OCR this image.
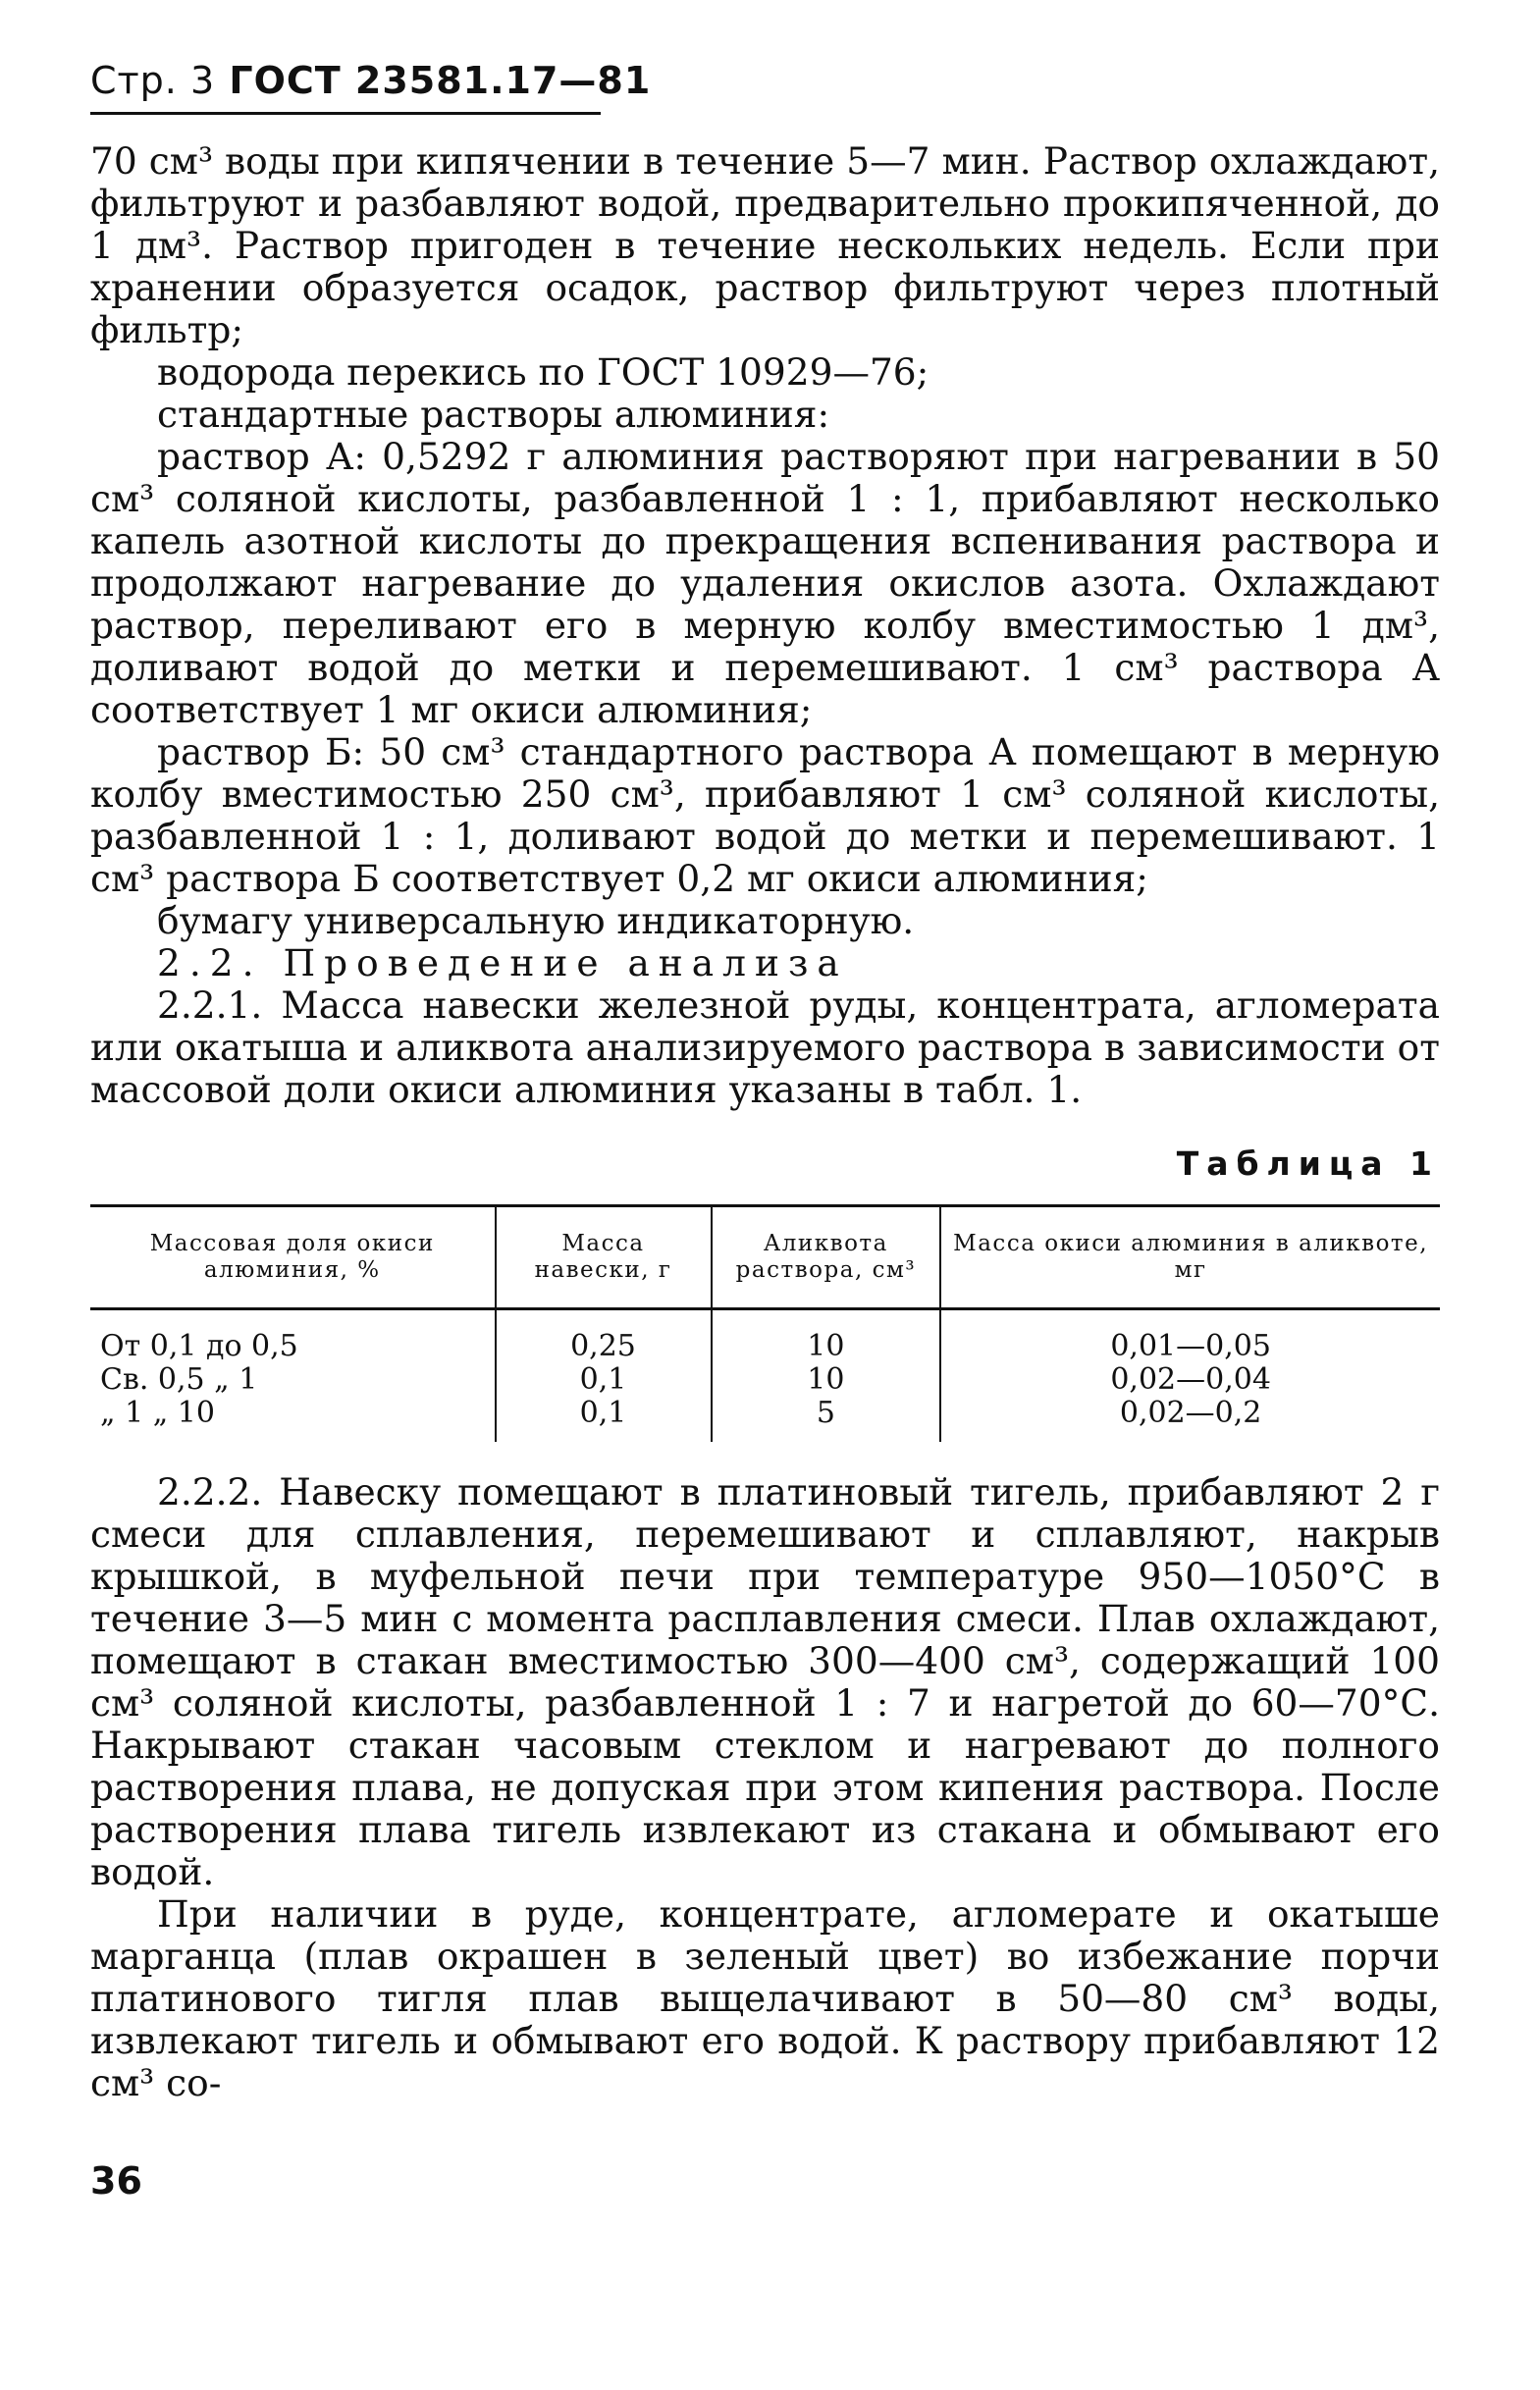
Стр. 3 ГОСТ 23581.17—81

70 см³ воды при кипячении в течение 5—7 мин. Раствор охлаждают, фильтруют и разбавляют водой, предварительно прокипяченной, до 1 дм³. Раствор пригоден в течение нескольких недель. Если при хранении образуется осадок, раствор фильтруют через плотный фильтр;

водорода перекись по ГОСТ 10929—76;

стандартные растворы алюминия:

раствор А: 0,5292 г алюминия растворяют при нагревании в 50 см³ соляной кислоты, разбавленной 1 : 1, прибавляют несколько капель азотной кислоты до прекращения вспенивания раствора и продолжают нагревание до удаления окислов азота. Охлаждают раствор, переливают его в мерную колбу вместимостью 1 дм³, доливают водой до метки и перемешивают. 1 см³ раствора А соответствует 1 мг окиси алюминия;

раствор Б: 50 см³ стандартного раствора А помещают в мерную колбу вместимостью 250 см³, прибавляют 1 см³ соляной кислоты, разбавленной 1 : 1, доливают водой до метки и перемешивают. 1 см³ раствора Б соответствует 0,2 мг окиси алюминия;

бумагу универсальную индикаторную.

2.2. Проведение анализа

2.2.1. Масса навески железной руды, концентрата, агломерата или окатыша и аликвота анализируемого раствора в зависимости от массовой доли окиси алюминия указаны в табл. 1.

Таблица 1
Массовая доля окиси алюминия, %	Масса навески, г	Аликвота раствора, см³	Масса окиси алюминия в аликвоте, мг
От 0,1 до 0,5	0,25	10	0,01—0,05
Св. 0,5 „ 1	0,1	10	0,02—0,04
„ 1 „ 10	0,1	5	0,02—0,2

2.2.2. Навеску помещают в платиновый тигель, прибавляют 2 г смеси для сплавления, перемешивают и сплавляют, накрыв крышкой, в муфельной печи при температуре 950—1050°С в течение 3—5 мин с момента расплавления смеси. Плав охлаждают, помещают в стакан вместимостью 300—400 см³, содержащий 100 см³ соляной кислоты, разбавленной 1 : 7 и нагретой до 60—70°С. Накрывают стакан часовым стеклом и нагревают до полного растворения плава, не допуская при этом кипения раствора. После растворения плава тигель извлекают из стакана и обмывают его водой.

При наличии в руде, концентрате, агломерате и окатыше марганца (плав окрашен в зеленый цвет) во избежание порчи платинового тигля плав выщелачивают в 50—80 см³ воды, извлекают тигель и обмывают его водой. К раствору прибавляют 12 см³ со-

36
